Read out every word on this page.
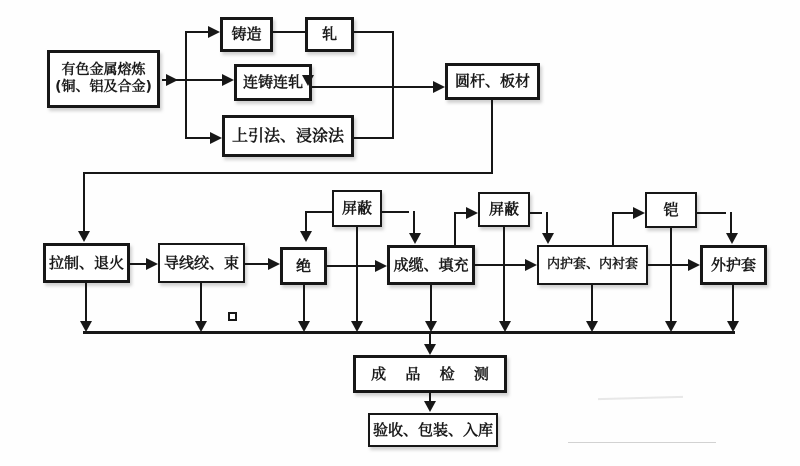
有色金属熔炼
(铜、铝及合金)
铸造	轧
连铸连轧
上引法、浸涂法
圆杆、板材
拉制、退火	导线绞、束	绝
屏蔽
成缆、填充
屏蔽
内护套、内衬套
铠
外护套
成 品 检 测
验收、包装、入库
